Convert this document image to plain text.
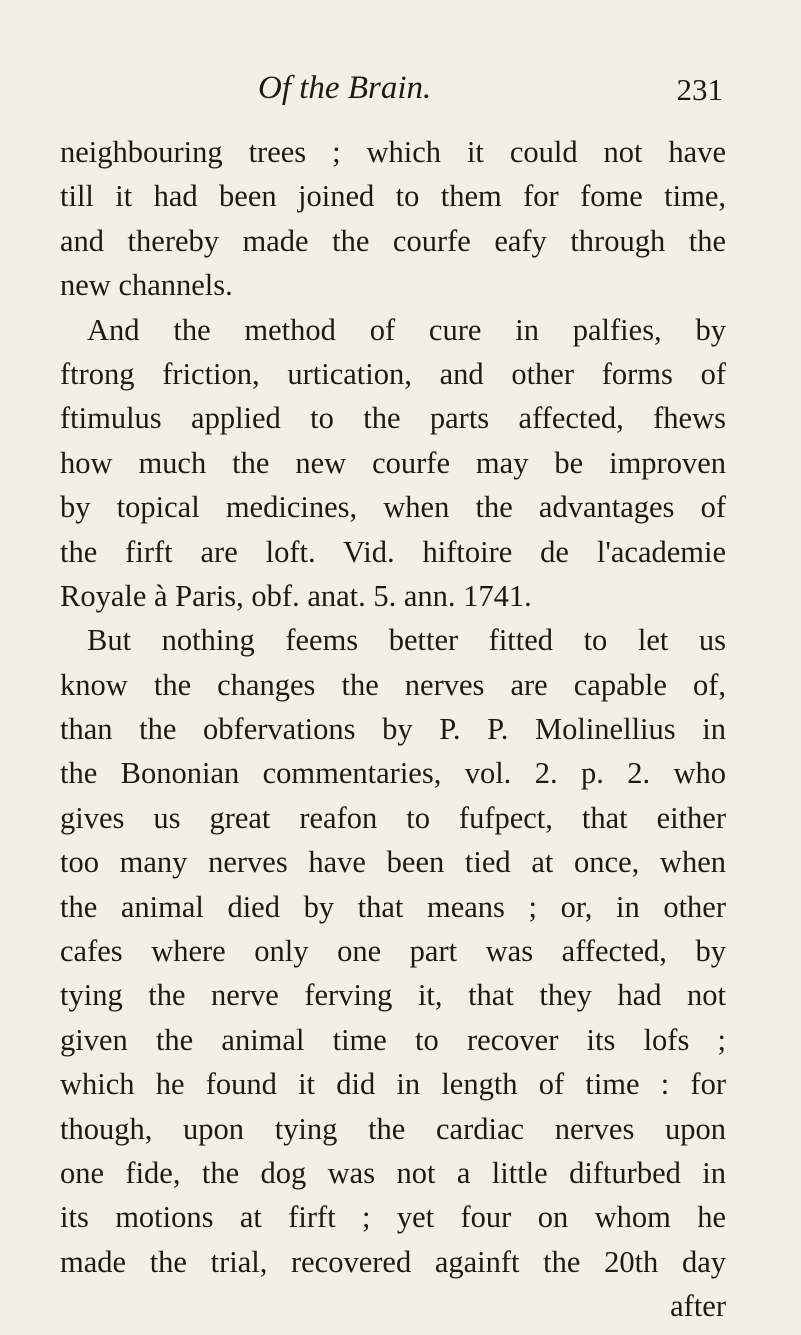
Of the Brain.	231
neighbouring trees ; which it could not have
till it had been joined to them for fome time,
and thereby made the courfe eafy through the
new channels.
And the method of cure in palfies, by
ftrong friction, urtication, and other forms of
ftimulus applied to the parts affected, fhews
how much the new courfe may be improven
by topical medicines, when the advantages of
the firft are loft. Vid. hiftoire de l'academie
Royale à Paris, obf. anat. 5. ann. 1741.
But nothing feems better fitted to let us
know the changes the nerves are capable of,
than the obfervations by P. P. Molinellius in
the Bononian commentaries, vol. 2. p. 2. who
gives us great reafon to fufpect, that either
too many nerves have been tied at once, when
the animal died by that means ; or, in other
cafes where only one part was affected, by
tying the nerve ferving it, that they had not
given the animal time to recover its lofs ;
which he found it did in length of time : for
though, upon tying the cardiac nerves upon
one fide, the dog was not a little difturbed in
its motions at firft ; yet four on whom he
made the trial, recovered againft the 20th day
after
